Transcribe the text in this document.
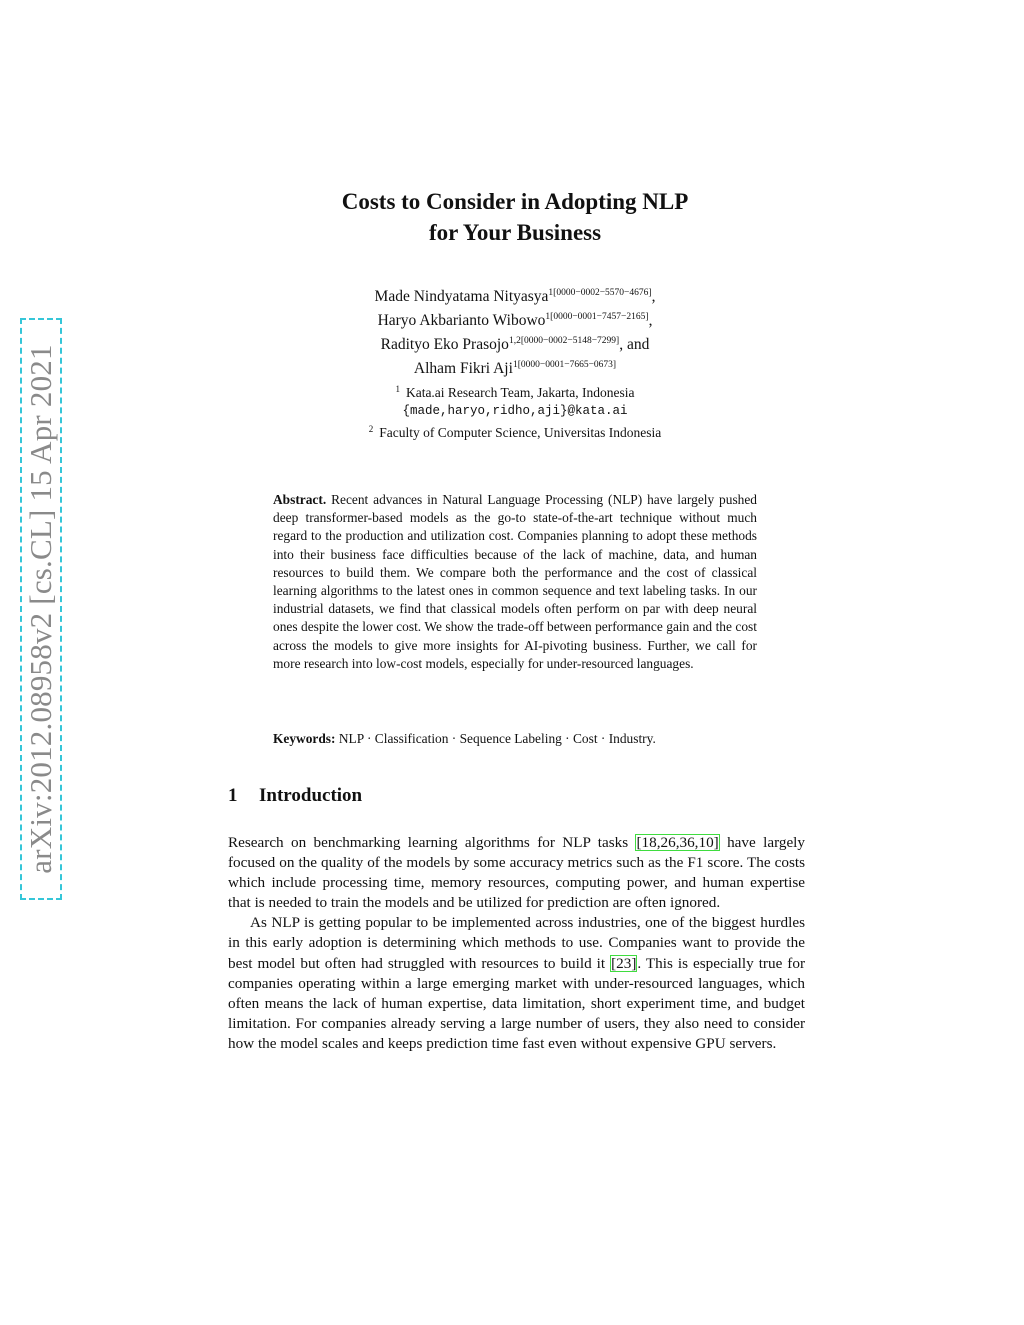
arXiv:2012.08958v2 [cs.CL] 15 Apr 2021
Costs to Consider in Adopting NLP
for Your Business
Made Nindyatama Nityasya$^{1[0000-0002-5570-4676]}$,
Haryo Akbarianto Wibowo$^{1[0000-0001-7457-2165]}$,
Radityo Eko Prasojo$^{1,2[0000-0002-5148-7299]}$, and
Alham Fikri Aji$^{1[0000-0001-7665-0673]}$
$^1$ Kata.ai Research Team, Jakarta, Indonesia
{made,haryo,ridho,aji}@kata.ai
$^2$ Faculty of Computer Science, Universitas Indonesia
Abstract. Recent advances in Natural Language Processing (NLP) have largely pushed deep transformer-based models as the go-to state-of-the-art technique without much regard to the production and utilization cost. Companies planning to adopt these methods into their business face difficulties because of the lack of machine, data, and human resources to build them. We compare both the performance and the cost of classical learning algorithms to the latest ones in common sequence and text labeling tasks. In our industrial datasets, we find that classical models often perform on par with deep neural ones despite the lower cost. We show the trade-off between performance gain and the cost across the models to give more insights for AI-pivoting business. Further, we call for more research into low-cost models, especially for under-resourced languages.
Keywords: NLP · Classification · Sequence Labeling · Cost · Industry.
1 Introduction

Research on benchmarking learning algorithms for NLP tasks [18,26,36,10] have largely focused on the quality of the models by some accuracy metrics such as the F1 score. The costs which include processing time, memory resources, computing power, and human expertise that is needed to train the models and be utilized for prediction are often ignored.

As NLP is getting popular to be implemented across industries, one of the biggest hurdles in this early adoption is determining which methods to use. Companies want to provide the best model but often had struggled with resources to build it [23]. This is especially true for companies operating within a large emerging market with under-resourced languages, which often means the lack of human expertise, data limitation, short experiment time, and budget limitation. For companies already serving a large number of users, they also need to consider how the model scales and keeps prediction time fast even without expensive GPU servers.
